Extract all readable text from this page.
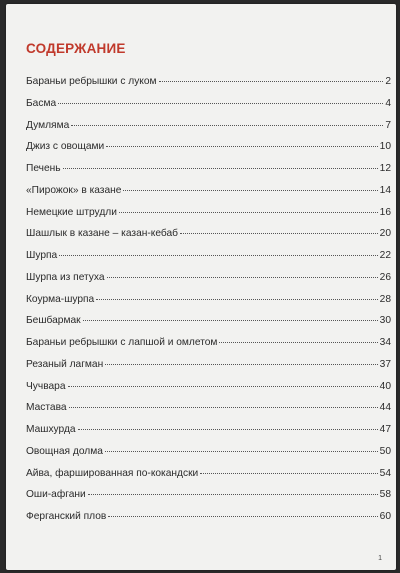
СОДЕРЖАНИЕ
Бараньи ребрышки с луком	2
Басма	4
Думляма	7
Джиз с овощами	10
Печень	12
«Пирожок» в казане	14
Немецкие штрудли	16
Шашлык в казане – казан-кебаб	20
Шурпа	22
Шурпа из петуха	26
Коурма-шурпа	28
Бешбармак	30
Бараньи ребрышки с лапшой и омлетом	34
Резаный лагман	37
Чучвара	40
Мастава	44
Машхурда	47
Овощная долма	50
Айва, фаршированная по-кокандски	54
Оши-афгани	58
Ферганский плов	60
1
